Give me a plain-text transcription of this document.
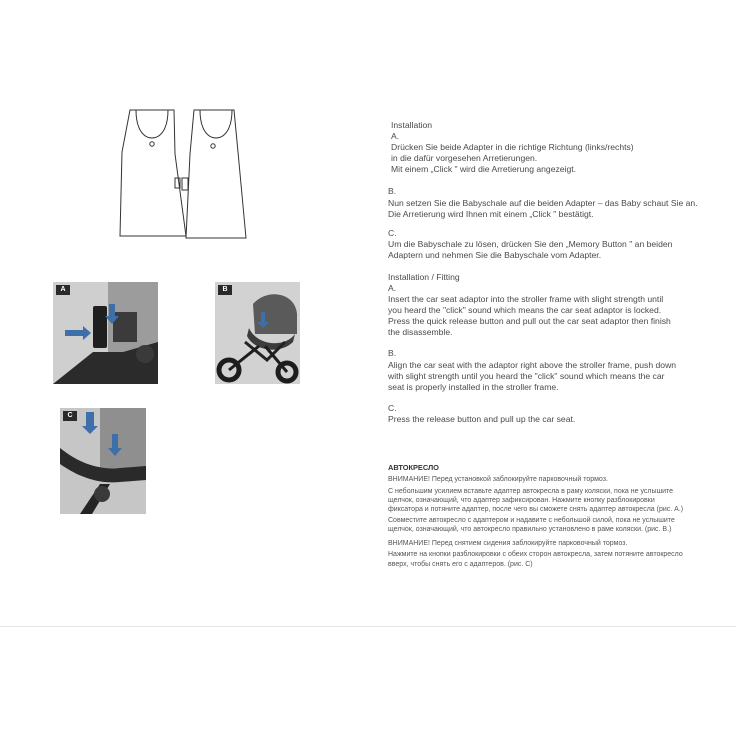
A	B
C
Installation
A.
Drücken Sie beide Adapter in die richtige Richtung (links/rechts)
in die dafür vorgesehen Arretierungen.
Mit einem „Click " wird die Arretierung angezeigt.
B.
Nun setzen Sie die Babyschale auf die beiden Adapter – das Baby schaut Sie an.
Die Arretierung wird Ihnen mit einem „Click " bestätigt.
C.
Um die Babyschale zu lösen, drücken Sie den „Memory Button " an beiden
Adaptern und nehmen Sie die Babyschale vom Adapter.
Installation / Fitting
A.
Insert the car seat adaptor into the stroller frame with slight strength until
you heard the "click" sound which means the car seat adaptor is locked.
Press the quick release button and pull out the car seat adaptor then finish
the disassemble.
B.
Align the car seat with the adaptor right above the stroller frame, push down
with slight strength until you heard the "click" sound which means the car
seat is properly installed in the stroller frame.
C.
Press the release button and pull up the car seat.
АВТОКРЕСЛО
ВНИМАНИЕ! Перед установкой заблокируйте парковочный тормоз.
С небольшим усилием вставьте адаптер автокресла в раму коляски, пока не услышите
щелчок, означающий, что адаптер зафиксирован. Нажмите кнопку разблокировки
фиксатора и потяните адаптер, после чего вы сможете снять адаптер автокресла (рис. А.)
Совместите автокресло с адаптером и надавите с небольшой силой, пока не услышите
щелчок, означающий, что автокресло правильно установлено в раме коляски. (рис. В.)
ВНИМАНИЕ! Перед снятием сидения заблокируйте парковочный тормоз.
Нажмите на кнопки разблокировки с обеих сторон автокресла, затем потяните автокресло
вверх, чтобы снять его с адаптеров. (рис. С)
